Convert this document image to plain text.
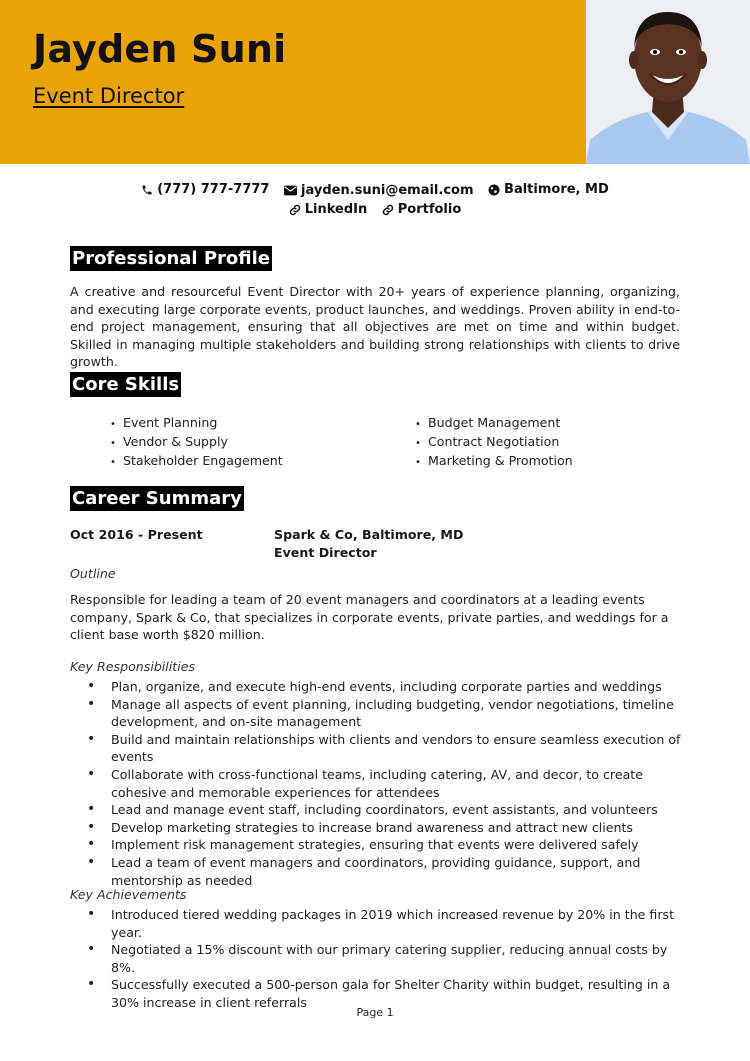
Jayden Suni
Event Director
(777) 777-7777
jayden.suni@email.com
Baltimore, MD
LinkedIn
Portfolio
Professional Profile
A creative and resourceful Event Director with 20+ years of experience planning, organizing, and executing large corporate events, product launches, and weddings. Proven ability in end-to-end project management, ensuring that all objectives are met on time and within budget. Skilled in managing multiple stakeholders and building strong relationships with clients to drive growth.
Core Skills
• Event Planning
• Vendor & Supply
• Stakeholder Engagement
• Budget Management
• Contract Negotiation
• Marketing & Promotion
Career Summary
Oct 2016 - Present	Spark & Co, Baltimore, MD
Event Director
Outline
Responsible for leading a team of 20 event managers and coordinators at a leading events company, Spark & Co, that specializes in corporate events, private parties, and weddings for a client base worth $820 million.
Key Responsibilities
• Plan, organize, and execute high-end events, including corporate parties and weddings
• Manage all aspects of event planning, including budgeting, vendor negotiations, timeline development, and on-site management
• Build and maintain relationships with clients and vendors to ensure seamless execution of events
• Collaborate with cross-functional teams, including catering, AV, and decor, to create cohesive and memorable experiences for attendees
• Lead and manage event staff, including coordinators, event assistants, and volunteers
• Develop marketing strategies to increase brand awareness and attract new clients
• Implement risk management strategies, ensuring that events were delivered safely
• Lead a team of event managers and coordinators, providing guidance, support, and mentorship as needed
Key Achievements
• Introduced tiered wedding packages in 2019 which increased revenue by 20% in the first year.
• Negotiated a 15% discount with our primary catering supplier, reducing annual costs by 8%.
• Successfully executed a 500-person gala for Shelter Charity within budget, resulting in a 30% increase in client referrals
Page 1
